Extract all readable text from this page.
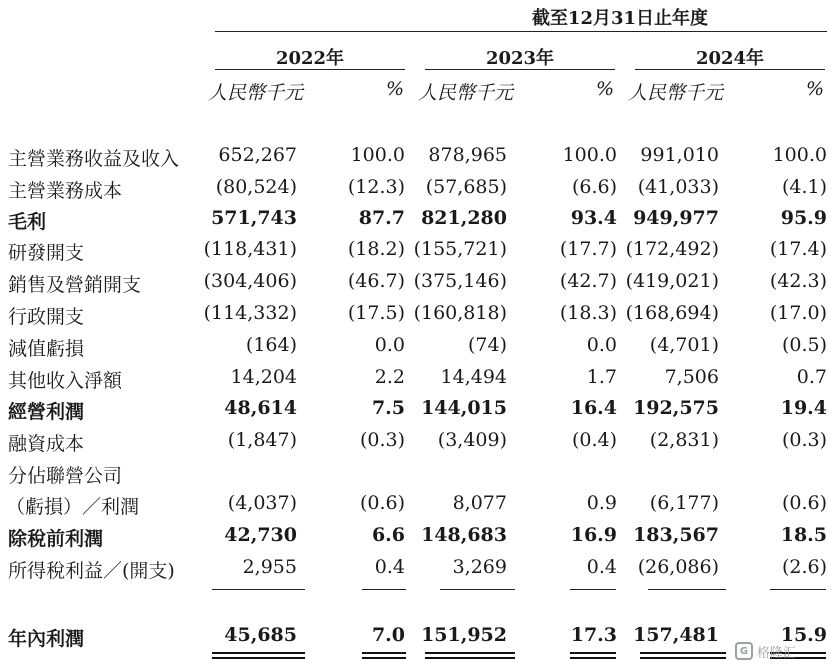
截至12月31日止年度
2022年	2023年	2024年
人民幣千元	% 人民幣千元	% 人民幣千元	%
主營業務收益及收入 652,267	100.0 878,965	100.0 991,010	100.0
主營業務成本	(80,524)	(12.3) (57,685)	(6.6) (41,033)	(4.1)
毛利	571,743	87.7 821,280	93.4 949,977	95.9
研發開支	(118,431)	(18.2) (155,721)	(17.7) (172,492)	(17.4)
銷售及營銷開支	(304,406)	(46.7) (375,146)	(42.7) (419,021)	(42.3)
行政開支	(114,332)	(17.5) (160,818)	(18.3) (168,694)	(17.0)
減值虧損	(164)	0.0	(74)	0.0 (4,701)	(0.5)
其他收入淨額	14,204	2.2 14,494	1.7	7,506	0.7
經營利潤	48,614	7.5 144,015	16.4 192,575	19.4
融資成本	(1,847)	(0.3) (3,409)	(0.4) (2,831)	(0.3)
分佔聯營公司
（虧損）／利潤	(4,037)	(0.6)	8,077	0.9 (6,177)	(0.6)
除稅前利潤	42,730	6.6 148,683	16.9 183,567	18.5
所得稅利益／(開支)	2,955	0.4	3,269	0.4 (26,086)	(2.6)
年內利潤	45,685	7.0 151,952	17.3 157,481	15.9
G 格隆汇
